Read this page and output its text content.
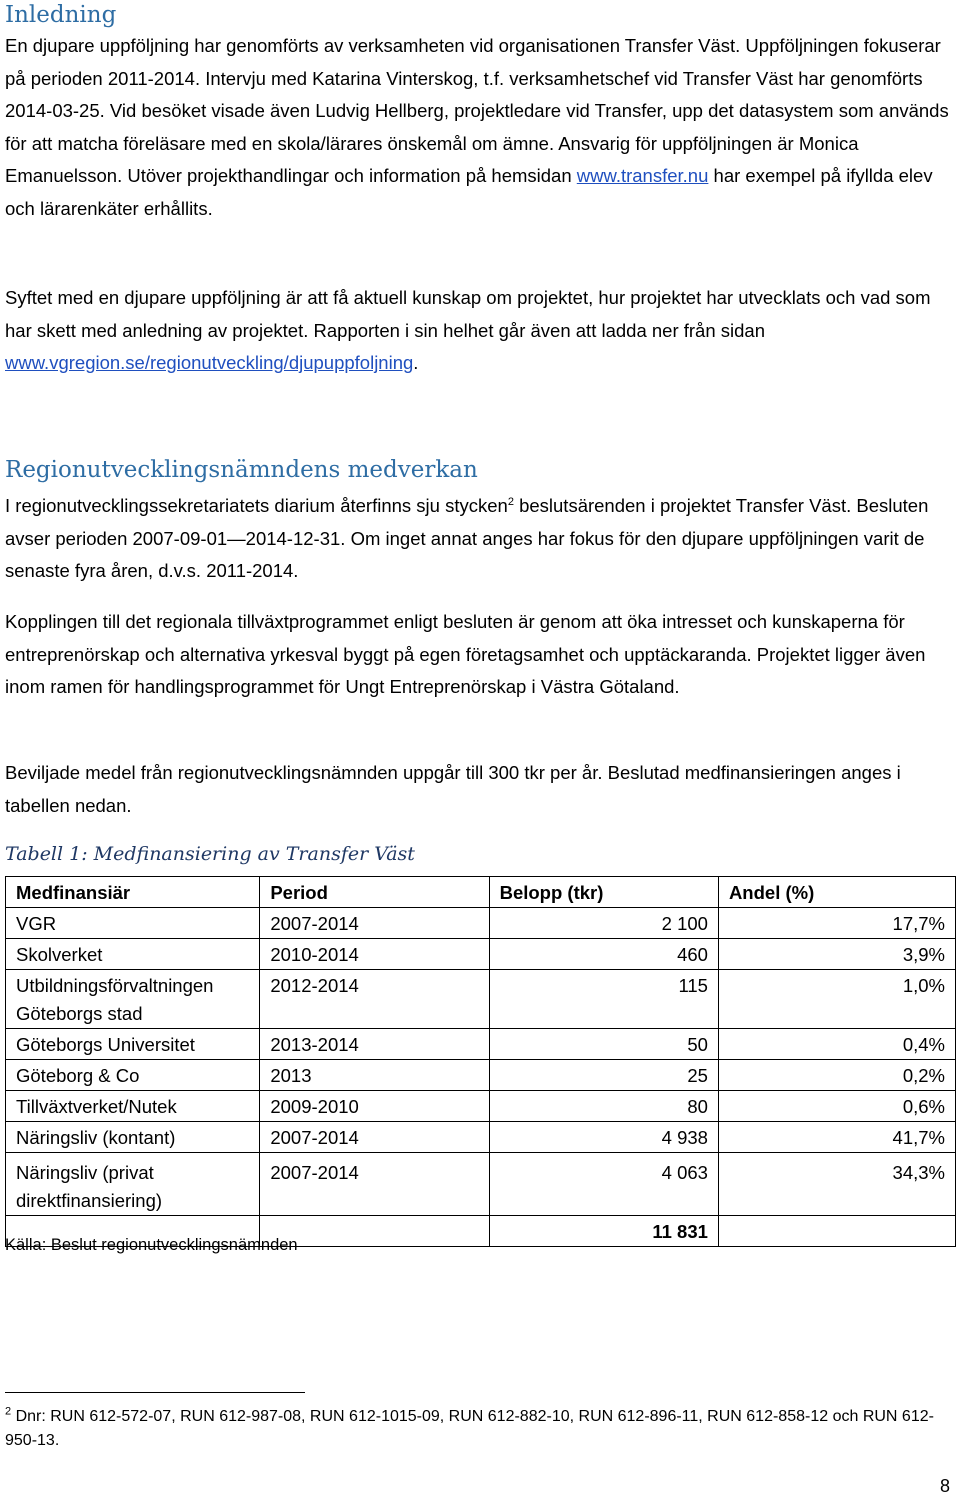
Inledning

En djupare uppföljning har genomförts av verksamheten vid organisationen Transfer Väst. Uppföljningen fokuserar på perioden 2011-2014. Intervju med Katarina Vinterskog, t.f. verksamhetschef vid Transfer Väst har genomförts 2014-03-25. Vid besöket visade även Ludvig Hellberg, projektledare vid Transfer, upp det datasystem som används för att matcha föreläsare med en skola/lärares önskemål om ämne. Ansvarig för uppföljningen är Monica Emanuelsson. Utöver projekthandlingar och information på hemsidan www.transfer.nu har exempel på ifyllda elev och lärarenkäter erhållits.

Syftet med en djupare uppföljning är att få aktuell kunskap om projektet, hur projektet har utvecklats och vad som har skett med anledning av projektet. Rapporten i sin helhet går även att ladda ner från sidan www.vgregion.se/regionutveckling/djupuppfoljning.

Regionutvecklingsnämndens medverkan

I regionutvecklingssekretariatets diarium återfinns sju stycken$^2$ beslutsärenden i projektet Transfer Väst. Besluten avser perioden 2007-09-01—2014-12-31. Om inget annat anges har fokus för den djupare uppföljningen varit de senaste fyra åren, d.v.s. 2011-2014.

Kopplingen till det regionala tillväxtprogrammet enligt besluten är genom att öka intresset och kunskaperna för entreprenörskap och alternativa yrkesval byggt på egen företagsamhet och upptäckaranda. Projektet ligger även inom ramen för handlingsprogrammet för Ungt Entreprenörskap i Västra Götaland.

Beviljade medel från regionutvecklingsnämnden uppgår till 300 tkr per år. Beslutad medfinansieringen anges i tabellen nedan.

Tabell 1: Medfinansiering av Transfer Väst
Medfinansiär	Period	Belopp (tkr)	Andel (%)
VGR	2007-2014	2 100	17,7%
Skolverket	2010-2014	460	3,9%
Utbildningsförvaltningen Göteborgs stad	2012-2014	115	1,0%
Göteborgs Universitet	2013-2014	50	0,4%
Göteborg & Co	2013	25	0,2%
Tillväxtverket/Nutek	2009-2010	80	0,6%
Näringsliv (kontant)	2007-2014	4 938	41,7%
Näringsliv (privat direktfinansiering)	2007-2014	4 063	34,3%
		11 831	
Källa: Beslut regionutvecklingsnämnden
$^2$ Dnr: RUN 612-572-07, RUN 612-987-08, RUN 612-1015-09, RUN 612-882-10, RUN 612-896-11, RUN 612-858-12 och RUN 612-950-13.
8
